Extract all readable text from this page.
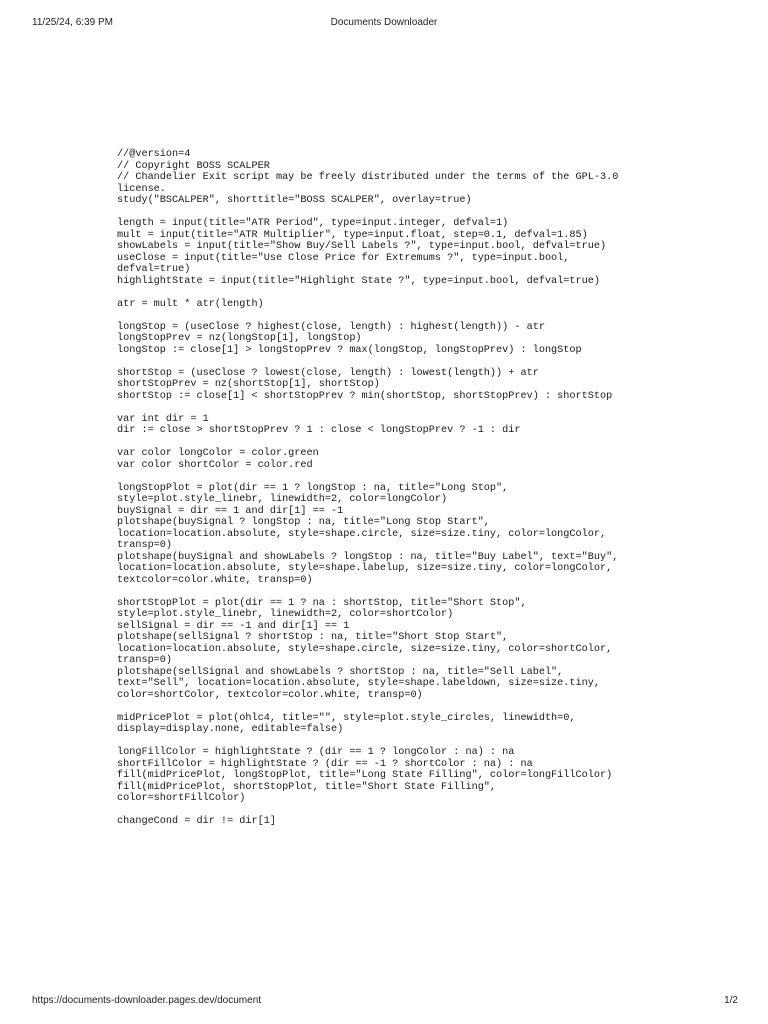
Documents Downloader
11/25/24, 6:39 PM
//@version=4
// Copyright BOSS SCALPER
// Chandelier Exit script may be freely distributed under the terms of the GPL-3.0
license.
study("BSCALPER", shorttitle="BOSS SCALPER", overlay=true)
length = input(title="ATR Period", type=input.integer, defval=1)
mult = input(title="ATR Multiplier", type=input.float, step=0.1, defval=1.85)
showLabels = input(title="Show Buy/Sell Labels ?", type=input.bool, defval=true)
useClose = input(title="Use Close Price for Extremums ?", type=input.bool,
defval=true)
highlightState = input(title="Highlight State ?", type=input.bool, defval=true)
atr = mult * atr(length)
longStop = (useClose ? highest(close, length) : highest(length)) - atr
longStopPrev = nz(longStop[1], longStop)
longStop := close[1] > longStopPrev ? max(longStop, longStopPrev) : longStop
shortStop = (useClose ? lowest(close, length) : lowest(length)) + atr
shortStopPrev = nz(shortStop[1], shortStop)
shortStop := close[1] < shortStopPrev ? min(shortStop, shortStopPrev) : shortStop
var int dir = 1
dir := close > shortStopPrev ? 1 : close < longStopPrev ? -1 : dir
var color longColor = color.green
var color shortColor = color.red
longStopPlot = plot(dir == 1 ? longStop : na, title="Long Stop",
style=plot.style_linebr, linewidth=2, color=longColor)
buySignal = dir == 1 and dir[1] == -1
plotshape(buySignal ? longStop : na, title="Long Stop Start",
location=location.absolute, style=shape.circle, size=size.tiny, color=longColor,
transp=0)
plotshape(buySignal and showLabels ? longStop : na, title="Buy Label", text="Buy",
location=location.absolute, style=shape.labelup, size=size.tiny, color=longColor,
textcolor=color.white, transp=0)
shortStopPlot = plot(dir == 1 ? na : shortStop, title="Short Stop",
style=plot.style_linebr, linewidth=2, color=shortColor)
sellSignal = dir == -1 and dir[1] == 1
plotshape(sellSignal ? shortStop : na, title="Short Stop Start",
location=location.absolute, style=shape.circle, size=size.tiny, color=shortColor,
transp=0)
plotshape(sellSignal and showLabels ? shortStop : na, title="Sell Label",
text="Sell", location=location.absolute, style=shape.labeldown, size=size.tiny,
color=shortColor, textcolor=color.white, transp=0)
midPricePlot = plot(ohlc4, title="", style=plot.style_circles, linewidth=0,
display=display.none, editable=false)
longFillColor = highlightState ? (dir == 1 ? longColor : na) : na
shortFillColor = highlightState ? (dir == -1 ? shortColor : na) : na
fill(midPricePlot, longStopPlot, title="Long State Filling", color=longFillColor)
fill(midPricePlot, shortStopPlot, title="Short State Filling",
color=shortFillColor)
changeCond = dir != dir[1]
https://documents-downloader.pages.dev/document	1/2
